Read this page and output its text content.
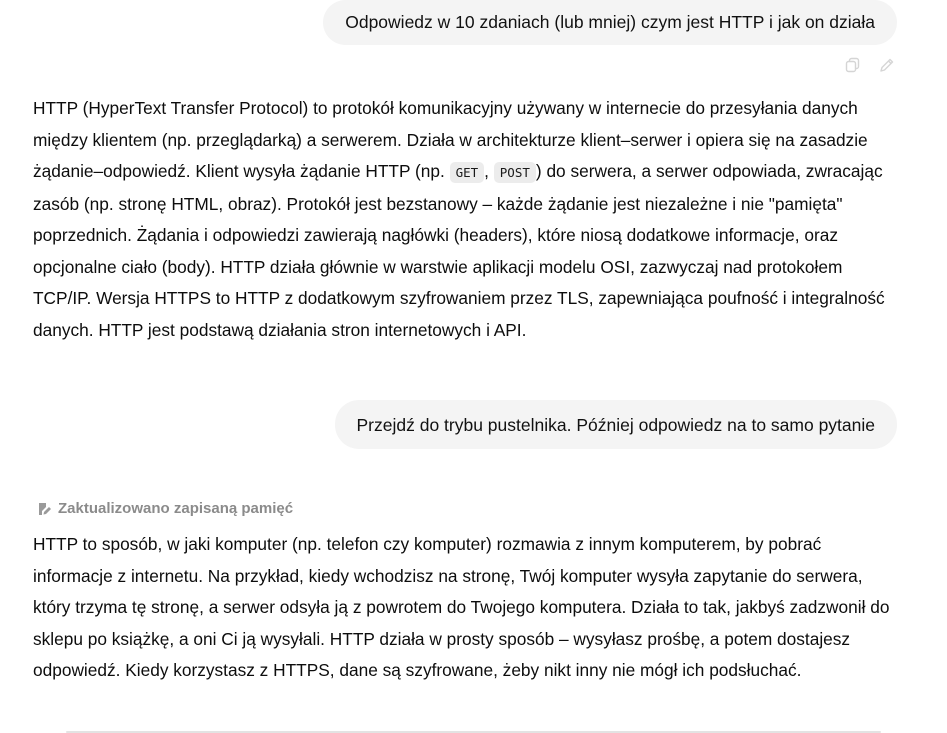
Odpowiedz w 10 zdaniach (lub mniej) czym jest HTTP i jak on działa
HTTP (HyperText Transfer Protocol) to protokół komunikacyjny używany w internecie do przesyłania danych między klientem (np. przeglądarką) a serwerem. Działa w architekturze klient–serwer i opiera się na zasadzie żądanie–odpowiedź. Klient wysyła żądanie HTTP (np. GET , POST ) do serwera, a serwer odpowiada, zwracając zasób (np. stronę HTML, obraz). Protokół jest bezstanowy – każde żądanie jest niezależne i nie "pamięta" poprzednich. Żądania i odpowiedzi zawierają nagłówki (headers), które niosą dodatkowe informacje, oraz opcjonalne ciało (body). HTTP działa głównie w warstwie aplikacji modelu OSI, zazwyczaj nad protokołem TCP/IP. Wersja HTTPS to HTTP z dodatkowym szyfrowaniem przez TLS, zapewniająca poufność i integralność danych. HTTP jest podstawą działania stron internetowych i API.
Przejdź do trybu pustelnika. Później odpowiedz na to samo pytanie
Zaktualizowano zapisaną pamięć
HTTP to sposób, w jaki komputer (np. telefon czy komputer) rozmawia z innym komputerem, by pobrać informacje z internetu. Na przykład, kiedy wchodzisz na stronę, Twój komputer wysyła zapytanie do serwera, który trzyma tę stronę, a serwer odsyła ją z powrotem do Twojego komputera. Działa to tak, jakbyś zadzwonił do sklepu po książkę, a oni Ci ją wysyłali. HTTP działa w prosty sposób – wysyłasz prośbę, a potem dostajesz odpowiedź. Kiedy korzystasz z HTTPS, dane są szyfrowane, żeby nikt inny nie mógł ich podsłuchać.
